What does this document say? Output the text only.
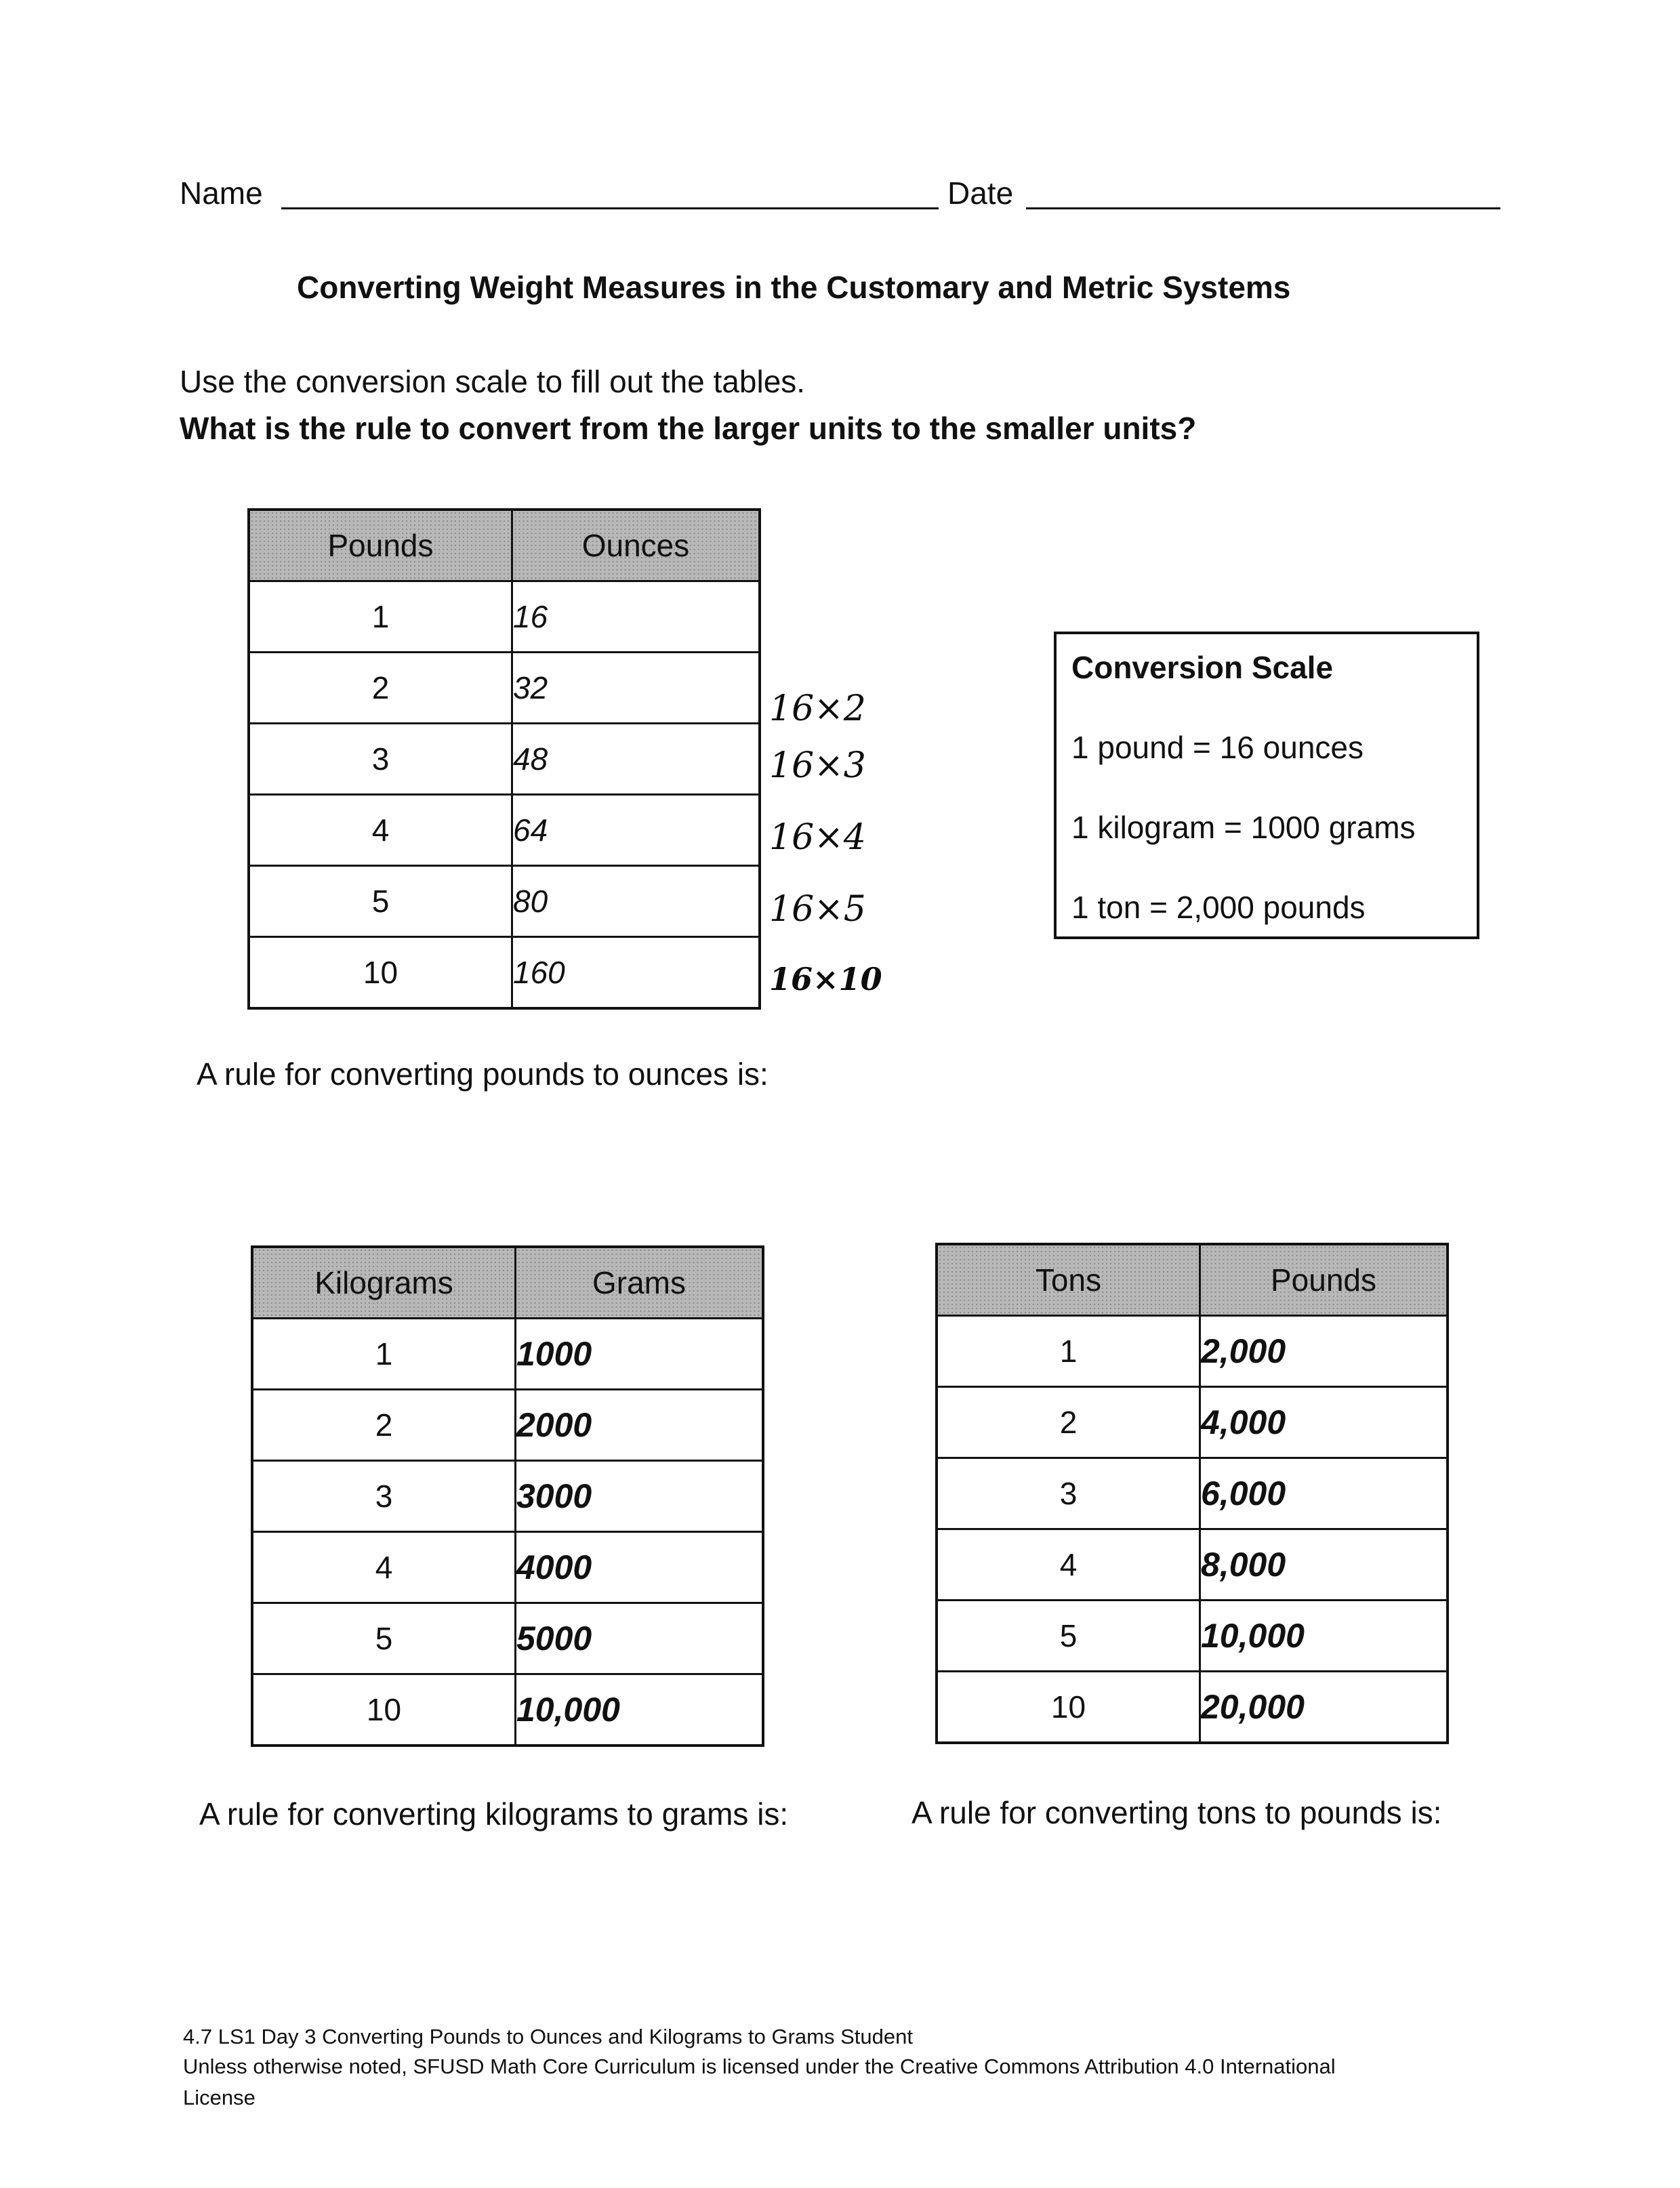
Name	Date
Converting Weight Measures in the Customary and Metric Systems
Use the conversion scale to fill out the tables.
What is the rule to convert from the larger units to the smaller units?
Pounds	Ounces
1	16
2	32
3	48
4	64
5	80
10	160
16×2
16×3
16×4
16×5
16×10
Conversion Scale
1 pound = 16 ounces
1 kilogram = 1000 grams
1 ton = 2,000 pounds
A rule for converting pounds to ounces is:
Kilograms	Grams
1	1000
2	2000
3	3000
4	4000
5	5000
10	10,000
Tons	Pounds
1	2,000
2	4,000
3	6,000
4	8,000
5	10,000
10	20,000
A rule for converting kilograms to grams is:	A rule for converting tons to pounds is:
4.7 LS1 Day 3 Converting Pounds to Ounces and Kilograms to Grams Student
Unless otherwise noted, SFUSD Math Core Curriculum is licensed under the Creative Commons Attribution 4.0 International
License
